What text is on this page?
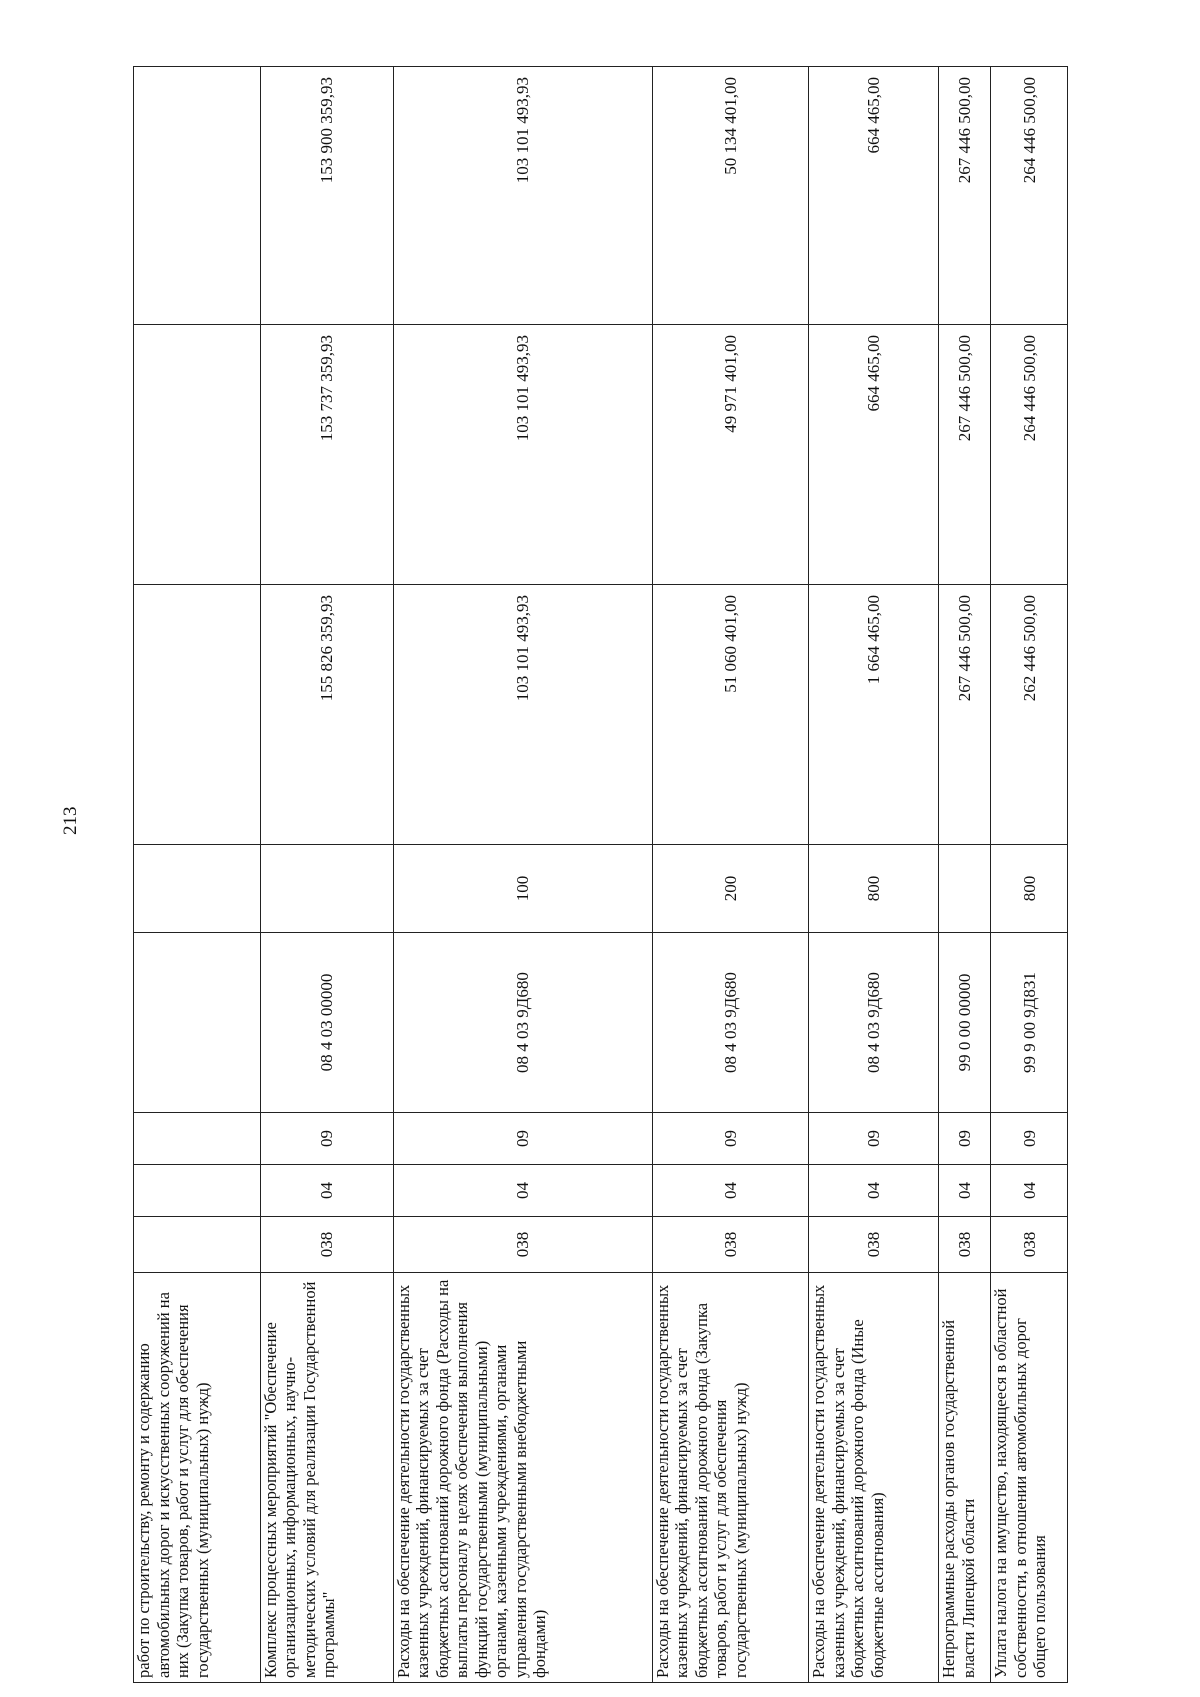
213
работ по строительству, ремонту и содержанию автомобильных дорог и искусственных сооружений на них (Закупка товаров, работ и услуг для обеспечения государственных (муниципальных) нужд)								
Комплекс процессных мероприятий "Обеспечение организационных, информационных, научно-методических условий для реализации Государственной программы"	038	04	09	08 4 03 00000		155 826 359,93	153 737 359,93	153 900 359,93
Расходы на обеспечение деятельности государственных казенных учреждений, финансируемых за счет бюджетных ассигнований дорожного фонда (Расходы на выплаты персоналу в целях обеспечения выполнения функций государственными (муниципальными) органами, казенными учреждениями, органами управления государственными внебюджетными фондами)	038	04	09	08 4 03 9Д680	100	103 101 493,93	103 101 493,93	103 101 493,93
Расходы на обеспечение деятельности государственных казенных учреждений, финансируемых за счет бюджетных ассигнований дорожного фонда (Закупка товаров, работ и услуг для обеспечения государственных (муниципальных) нужд)	038	04	09	08 4 03 9Д680	200	51 060 401,00	49 971 401,00	50 134 401,00
Расходы на обеспечение деятельности государственных казенных учреждений, финансируемых за счет бюджетных ассигнований дорожного фонда (Иные бюджетные ассигнования)	038	04	09	08 4 03 9Д680	800	1 664 465,00	664 465,00	664 465,00
Непрограммные расходы органов государственной власти Липецкой области	038	04	09	99 0 00 00000		267 446 500,00	267 446 500,00	267 446 500,00
Уплата налога на имущество, находящееся в областной собственности, в отношении автомобильных дорог общего пользования	038	04	09	99 9 00 9Д831	800	262 446 500,00	264 446 500,00	264 446 500,00
